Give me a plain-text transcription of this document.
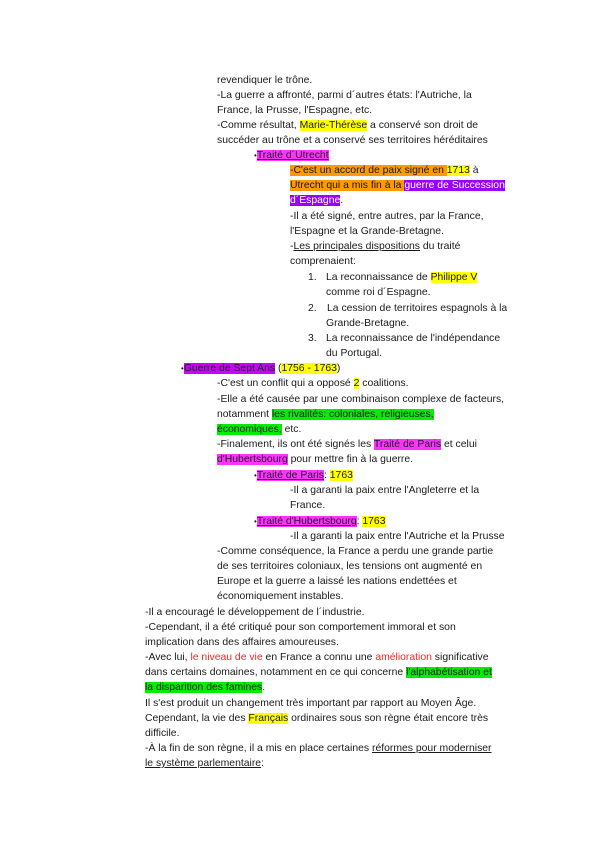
revendiquer le trône.
-La guerre a affronté, parmi d´autres états: l'Autriche, la
France, la Prusse, l'Espagne, etc.
-Comme résultat, Marie-Thérèse a conservé son droit de
succéder au trône et a conservé ses territoires héréditaires
•Traité d´Utrecht
-C'est un accord de paix signé en 1713 à
Utrecht qui a mis fin à la guerre de Succession
d´Espagne.
-Il a été signé, entre autres, par la France,
l'Espagne et la Grande-Bretagne.
-Les principales dispositions du traité
comprenaient:
1. La reconnaissance de Philippe V
comme roi d´Espagne.
2. La cession de territoires espagnols à la
Grande-Bretagne.
3. La reconnaissance de l'indépendance
du Portugal.
•Guerre de Sept Ans (1756 - 1763)
-C'est un conflit qui a opposé 2 coalitions.
-Elle a été causée par une combinaison complexe de facteurs,
notamment les rivalités: coloniales, religieuses,
économiques, etc.
-Finalement, ils ont été signés les Traité de Paris et celui
d'Hubertsbourg pour mettre fin à la guerre.
•Traité de Paris: 1763
-Il a garanti la paix entre l'Angleterre et la
France.
•Traité d'Hubertsbourg: 1763
-Il a garanti la paix entre l'Autriche et la Prusse
-Comme conséquence, la France a perdu une grande partie
de ses territoires coloniaux, les tensions ont augmenté en
Europe et la guerre a laissé les nations endettées et
économiquement instables.
-Il a encouragé le développement de l´industrie.
-Cependant, il a été critiqué pour son comportement immoral et son
implication dans des affaires amoureuses.
-Avec lui, le niveau de vie en France a connu une amélioration significative
dans certains domaines, notamment en ce qui concerne l'alphabétisation et
la disparition des famines.
Il s'est produit un changement très important par rapport au Moyen Âge.
Cependant, la vie des Français ordinaires sous son règne était encore très
difficile.
-À la fin de son règne, il a mis en place certaines réformes pour moderniser
le système parlementaire:
